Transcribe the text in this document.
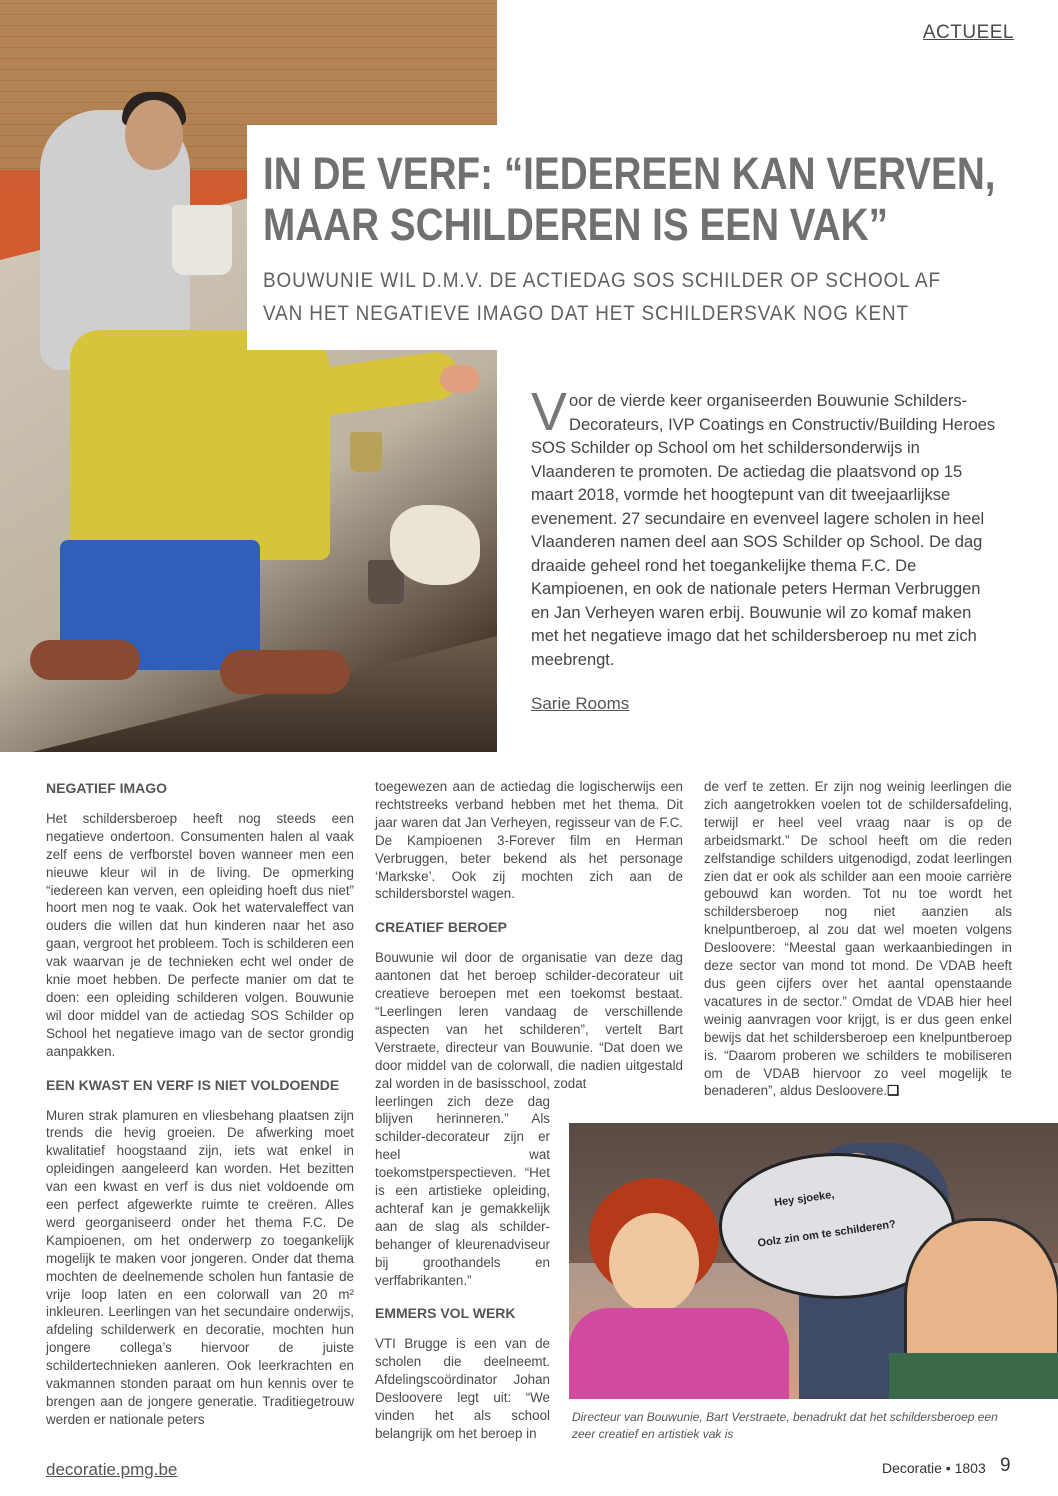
ACTUEEL
IN DE VERF: “IEDEREEN KAN VERVEN,
MAAR SCHILDEREN IS EEN VAK”
BOUWUNIE WIL D.M.V. DE ACTIEDAG SOS SCHILDER OP SCHOOL AF
VAN HET NEGATIEVE IMAGO DAT HET SCHILDERSVAK NOG KENT
Voor de vierde keer organiseerden Bouwunie Schilders-Decorateurs, IVP Coatings en Constructiv/Building Heroes SOS Schilder op School om het schildersonderwijs in Vlaanderen te promoten. De actiedag die plaatsvond op 15 maart 2018, vormde het hoogtepunt van dit tweejaarlijkse evenement. 27 secundaire en evenveel lagere scholen in heel Vlaanderen namen deel aan SOS Schilder op School. De dag draaide geheel rond het toegankelijke thema F.C. De Kampioenen, en ook de nationale peters Herman Verbruggen en Jan Verheyen waren erbij. Bouwunie wil zo komaf maken met het negatieve imago dat het schildersberoep nu met zich meebrengt.
Sarie Rooms
NEGATIEF IMAGO

Het schildersberoep heeft nog steeds een negatieve ondertoon. Consumenten halen al vaak zelf eens de verfborstel boven wanneer men een nieuwe kleur wil in de living. De opmerking “iedereen kan verven, een opleiding hoeft dus niet” hoort men nog te vaak. Ook het watervaleffect van ouders die willen dat hun kinderen naar het aso gaan, vergroot het probleem. Toch is schilderen een vak waarvan je de technieken echt wel onder de knie moet hebben. De perfecte manier om dat te doen: een opleiding schilderen volgen. Bouwunie wil door middel van de actiedag SOS Schilder op School het negatieve imago van de sector grondig aanpakken.

EEN KWAST EN VERF IS NIET VOLDOENDE

Muren strak plamuren en vliesbehang plaatsen zijn trends die hevig groeien. De afwerking moet kwalitatief hoogstaand zijn, iets wat enkel in opleidingen aangeleerd kan worden. Het bezitten van een kwast en verf is dus niet voldoende om een perfect afgewerkte ruimte te creëren. Alles werd georganiseerd onder het thema F.C. De Kampioenen, om het onderwerp zo toegankelijk mogelijk te maken voor jongeren. Onder dat thema mochten de deelnemende scholen hun fantasie de vrije loop laten en een colorwall van 20 m² inkleuren. Leerlingen van het secundaire onderwijs, afdeling schilderwerk en decoratie, mochten hun jongere collega’s hiervoor de juiste schildertechnieken aanleren. Ook leerkrachten en vakmannen stonden paraat om hun kennis over te brengen aan de jongere generatie. Traditiegetrouw werden er nationale peters

toegewezen aan de actiedag die logischerwijs een rechtstreeks verband hebben met het thema. Dit jaar waren dat Jan Verheyen, regisseur van de F.C. De Kampioenen 3-Forever film en Herman Verbruggen, beter bekend als het personage ‘Markske’. Ook zij mochten zich aan de schildersborstel wagen.

CREATIEF BEROEP

Bouwunie wil door de organisatie van deze dag aantonen dat het beroep schilder-decorateur uit creatieve beroepen met een toekomst bestaat. “Leerlingen leren vandaag de verschillende aspecten van het schilderen”, vertelt Bart Verstraete, directeur van Bouwunie. “Dat doen we door middel van de colorwall, die nadien uitgestald zal worden in de basisschool, zodat

leerlingen zich deze dag blijven herinneren.” Als schilder-decorateur zijn er heel wat toekomstperspectieven. “Het is een artistieke opleiding, achteraf kan je gemakkelijk aan de slag als schilder-behanger of kleurenadviseur bij groothandels en verffabrikanten.”

EMMERS VOL WERK

VTI Brugge is een van de scholen die deelneemt. Afdelingscoördinator Johan Desloovere legt uit: “We vinden het als school belangrijk om het beroep in

de verf te zetten. Er zijn nog weinig leerlingen die zich aangetrokken voelen tot de schildersafdeling, terwijl er heel veel vraag naar is op de arbeidsmarkt.” De school heeft om die reden zelfstandige schilders uitgenodigd, zodat leerlingen zien dat er ook als schilder aan een mooie carrière gebouwd kan worden. Tot nu toe wordt het schildersberoep nog niet aanzien als knelpuntberoep, al zou dat wel moeten volgens Desloovere: “Meestal gaan werkaanbiedingen in deze sector van mond tot mond. De VDAB heeft dus geen cijfers over het aantal openstaande vacatures in de sector.” Omdat de VDAB hier heel weinig aanvragen voor krijgt, is er dus geen enkel bewijs dat het schildersberoep een knelpuntberoep is. “Daarom proberen we schilders te mobiliseren om de VDAB hiervoor zo veel mogelijk te benaderen”, aldus Desloovere.❑

Hey sjoeke,
Oolz zin om te schilderen?
Directeur van Bouwunie, Bart Verstraete, benadrukt dat het schildersberoep een zeer creatief en artistiek vak is
decoratie.pmg.be	Decoratie • 1803 9
